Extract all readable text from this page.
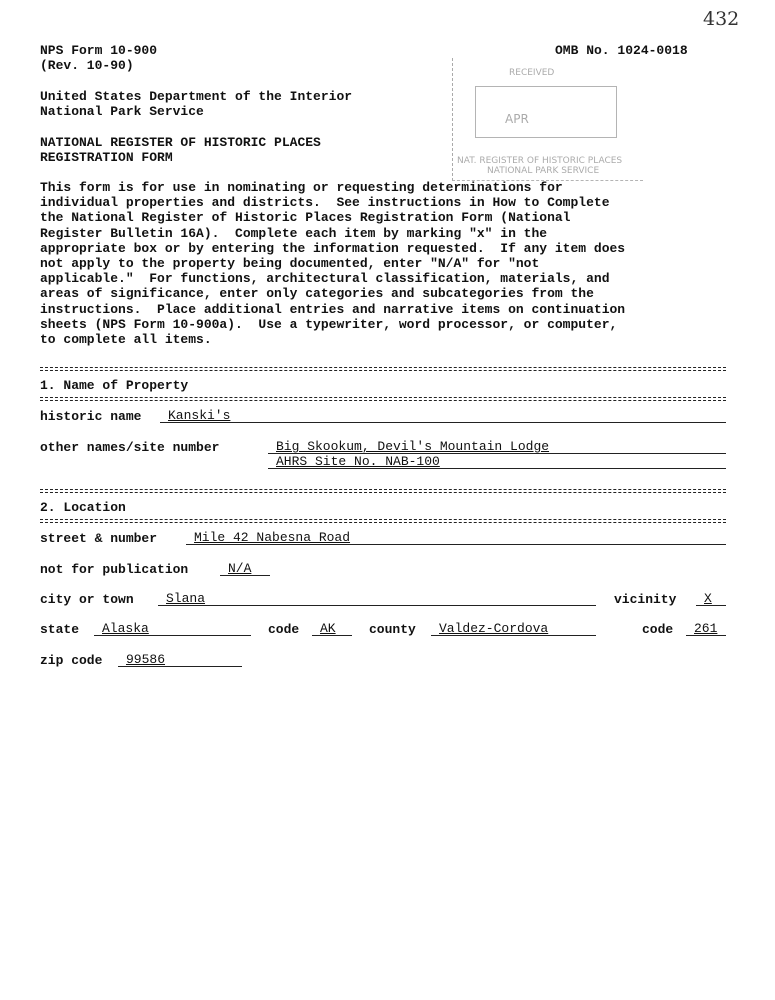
432
NPS Form 10-900
(Rev. 10-90)
OMB No. 1024-0018
RECEIVED
APR
NAT. REGISTER OF HISTORIC PLACES
NATIONAL PARK SERVICE
United States Department of the Interior
National Park Service
NATIONAL REGISTER OF HISTORIC PLACES
REGISTRATION FORM
This form is for use in nominating or requesting determinations for
individual properties and districts.  See instructions in How to Complete
the National Register of Historic Places Registration Form (National
Register Bulletin 16A).  Complete each item by marking "x" in the
appropriate box or by entering the information requested.  If any item does
not apply to the property being documented, enter "N/A" for "not
applicable."  For functions, architectural classification, materials, and
areas of significance, enter only categories and subcategories from the
instructions.  Place additional entries and narrative items on continuation
sheets (NPS Form 10-900a).  Use a typewriter, word processor, or computer,
to complete all items.
1. Name of Property
historic name	Kanski's
other names/site number	Big Skookum, Devil's Mountain Lodge
AHRS Site No. NAB-100
2. Location
street & number	Mile 42 Nabesna Road
not for publication	N/A
city or town	Slana	vicinity	X
state	Alaska	code	AK	county	Valdez-Cordova	code	261
zip code	99586
